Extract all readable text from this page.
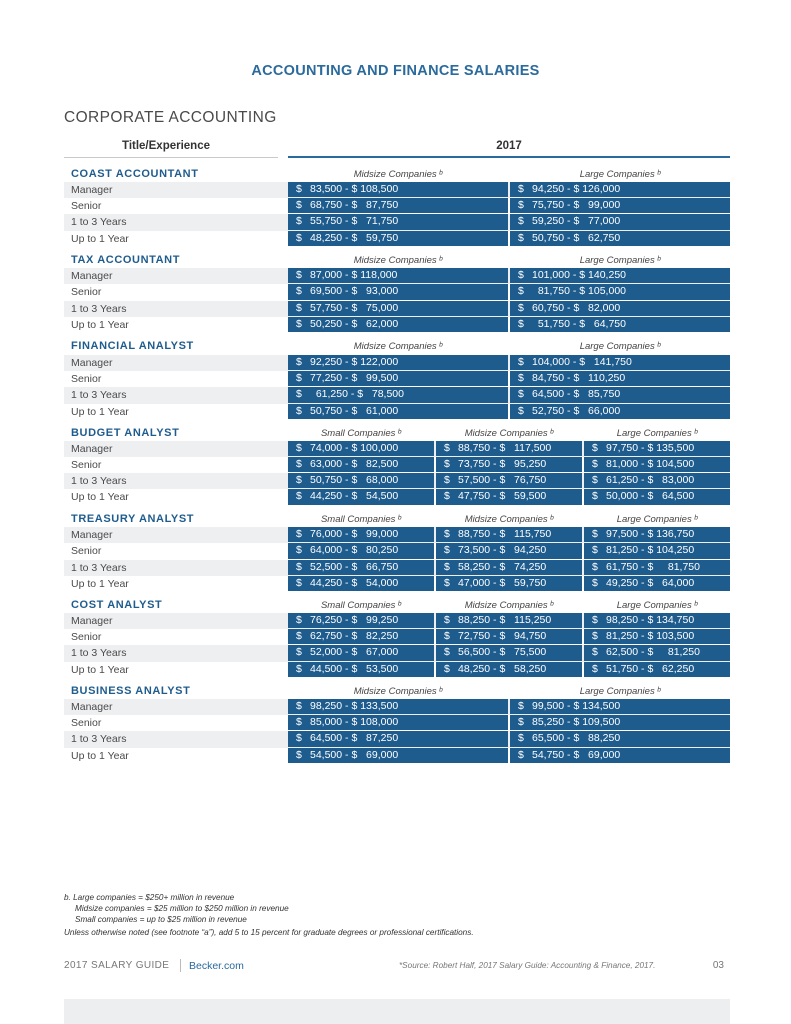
ACCOUNTING AND FINANCE SALARIES
CORPORATE ACCOUNTING
Title/Experience	2017
COAST ACCOUNTANT	Midsize Companies ᵇ	Large Companies ᵇ
Manager	$ 83,500 - $ 108,500	$ 94,250 - $ 126,000
Senior	$ 68,750 - $   87,750	$ 75,750 - $   99,000
1 to 3 Years	$ 55,750 - $   71,750	$ 59,250 - $   77,000
Up to 1 Year	$ 48,250 - $   59,750	$ 50,750 - $   62,750
TAX ACCOUNTANT	Midsize Companies ᵇ	Large Companies ᵇ
Manager	$ 87,000 - $ 118,000	$ 101,000 - $ 140,250
Senior	$ 69,500 - $   93,000	$ 81,750 - $ 105,000
1 to 3 Years	$ 57,750 - $   75,000	$ 60,750 - $   82,000
Up to 1 Year	$ 50,250 - $   62,000	$ 51,750 - $   64,750
FINANCIAL ANALYST	Midsize Companies ᵇ	Large Companies ᵇ
Manager	$ 92,250 - $ 122,000	$ 104,000 - $   141,750
Senior	$ 77,250 - $   99,500	$ 84,750 - $   110,250
1 to 3 Years	$ 61,250 - $   78,500	$ 64,500 - $   85,750
Up to 1 Year	$ 50,750 - $   61,000	$ 52,750 - $   66,000
BUDGET ANALYST	Small Companies ᵇ	Midsize Companies ᵇ	Large Companies ᵇ
Manager	$ 74,000 - $ 100,000	$ 88,750 - $   117,500	$ 97,750 - $ 135,500
Senior	$ 63,000 - $   82,500	$ 73,750 - $   95,250	$ 81,000 - $ 104,500
1 to 3 Years	$ 50,750 - $   68,000	$ 57,500 - $   76,750	$ 61,250 - $   83,000
Up to 1 Year	$ 44,250 - $   54,500	$ 47,750 - $   59,500	$ 50,000 - $   64,500
TREASURY ANALYST	Small Companies ᵇ	Midsize Companies ᵇ	Large Companies ᵇ
Manager	$ 76,000 - $   99,000	$ 88,750 - $   115,750	$ 97,500 - $ 136,750
Senior	$ 64,000 - $   80,250	$ 73,500 - $   94,250	$ 81,250 - $ 104,250
1 to 3 Years	$ 52,500 - $   66,750	$ 58,250 - $   74,250	$ 61,750 - $     81,750
Up to 1 Year	$ 44,250 - $   54,000	$ 47,000 - $   59,750	$ 49,250 - $   64,000
COST ANALYST	Small Companies ᵇ	Midsize Companies ᵇ	Large Companies ᵇ
Manager	$ 76,250 - $   99,250	$ 88,250 - $   115,250	$ 98,250 - $ 134,750
Senior	$ 62,750 - $   82,250	$ 72,750 - $   94,750	$ 81,250 - $ 103,500
1 to 3 Years	$ 52,000 - $   67,000	$ 56,500 - $   75,500	$ 62,500 - $     81,250
Up to 1 Year	$ 44,500 - $   53,500	$ 48,250 - $   58,250	$ 51,750 - $   62,250
BUSINESS ANALYST	Midsize Companies ᵇ	Large Companies ᵇ
Manager	$ 98,250 - $ 133,500	$ 99,500 - $ 134,500
Senior	$ 85,000 - $ 108,000	$ 85,250 - $ 109,500
1 to 3 Years	$ 64,500 - $   87,250	$ 65,500 - $   88,250
Up to 1 Year	$ 54,500 - $   69,000	$ 54,750 - $   69,000
b. Large companies = $250+ million in revenue
Midsize companies = $25 million to $250 million in revenue
Small companies = up to $25 million in revenue
Unless otherwise noted (see footnote “a”), add 5 to 15 percent for graduate degrees or professional certifications.
2017 SALARY GUIDE Becker.com	*Source: Robert Half, 2017 Salary Guide: Accounting & Finance, 2017.	03
